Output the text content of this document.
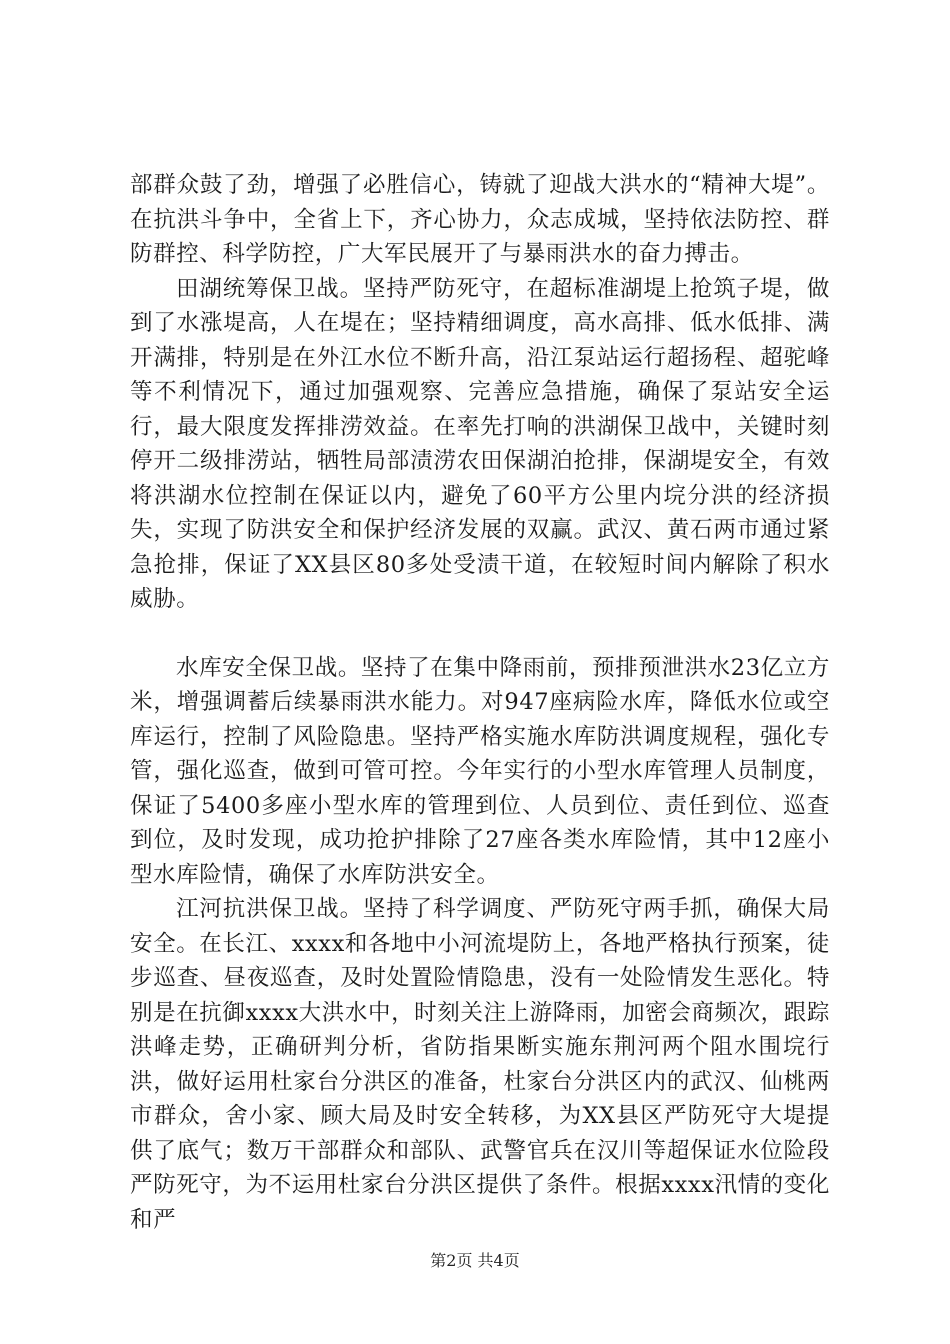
部群众鼓了劲，增强了必胜信心，铸就了迎战大洪水的“精神大堤”。在抗洪斗争中，全省上下，齐心协力，众志成城，坚持依法防控、群防群控、科学防控，广大军民展开了与暴雨洪水的奋力搏击。

田湖统筹保卫战。坚持严防死守，在超标准湖堤上抢筑子堤，做到了水涨堤高，人在堤在；坚持精细调度，高水高排、低水低排、满开满排，特别是在外江水位不断升高，沿江泵站运行超扬程、超驼峰等不利情况下，通过加强观察、完善应急措施，确保了泵站安全运行，最大限度发挥排涝效益。在率先打响的洪湖保卫战中，关键时刻停开二级排涝站，牺牲局部渍涝农田保湖泊抢排，保湖堤安全，有效将洪湖水位控制在保证以内，避免了60平方公里内垸分洪的经济损失，实现了防洪安全和保护经济发展的双赢。武汉、黄石两市通过紧急抢排，保证了XX县区80多处受渍干道，在较短时间内解除了积水威胁。

水库安全保卫战。坚持了在集中降雨前，预排预泄洪水23亿立方米，增强调蓄后续暴雨洪水能力。对947座病险水库，降低水位或空库运行，控制了风险隐患。坚持严格实施水库防洪调度规程，强化专管，强化巡查，做到可管可控。今年实行的小型水库管理人员制度，保证了5400多座小型水库的管理到位、人员到位、责任到位、巡查到位，及时发现，成功抢护排除了27座各类水库险情，其中12座小型水库险情，确保了水库防洪安全。

江河抗洪保卫战。坚持了科学调度、严防死守两手抓，确保大局安全。在长江、xxxx和各地中小河流堤防上，各地严格执行预案，徒步巡查、昼夜巡查，及时处置险情隐患，没有一处险情发生恶化。特别是在抗御xxxx大洪水中，时刻关注上游降雨，加密会商频次，跟踪洪峰走势，正确研判分析，省防指果断实施东荆河两个阻水围垸行洪，做好运用杜家台分洪区的准备，杜家台分洪区内的武汉、仙桃两市群众，舍小家、顾大局及时安全转移，为XX县区严防死守大堤提供了底气；数万干部群众和部队、武警官兵在汉川等超保证水位险段严防死守，为不运用杜家台分洪区提供了条件。根据xxxx汛情的变化和严

第2页 共4页
